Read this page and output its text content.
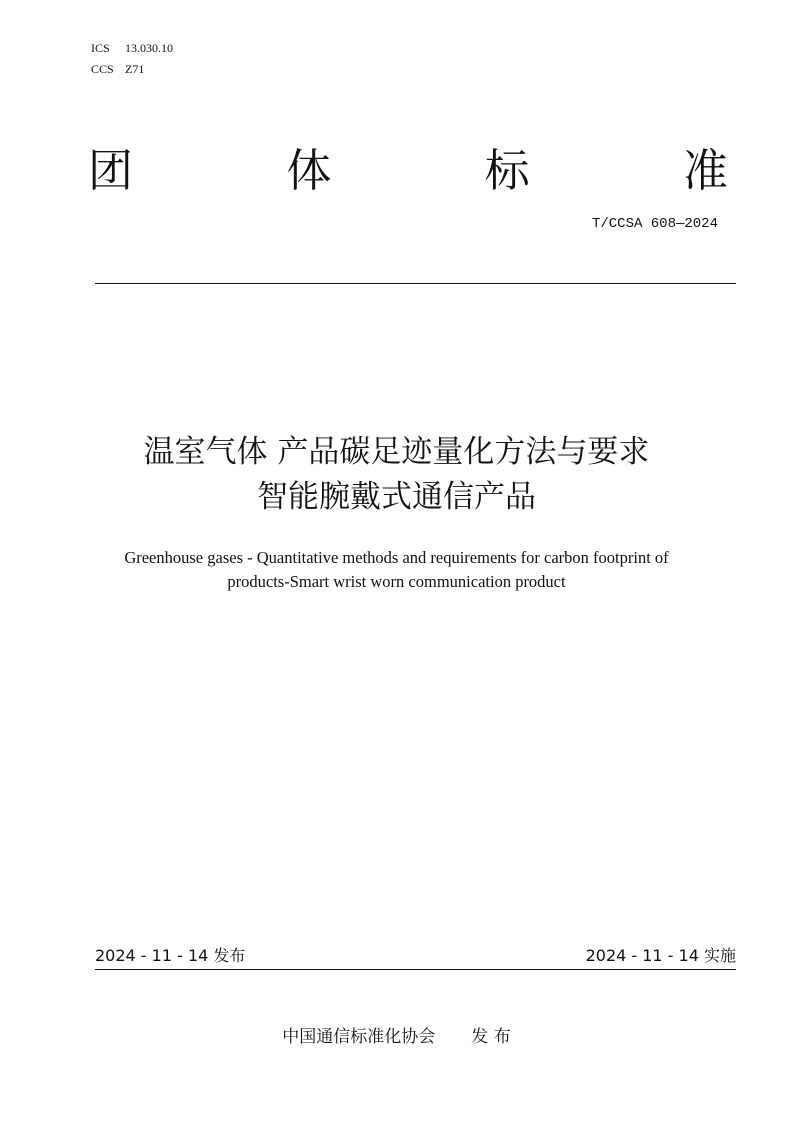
ICS 13.030.10
CCS Z71
团	体	标	准
T/CCSA 608—2024
温室气体 产品碳足迹量化方法与要求
智能腕戴式通信产品
Greenhouse gases - Quantitative methods and requirements for carbon footprint of
products-Smart wrist worn communication product
2024 - 11 - 14 发布	2024 - 11 - 14 实施
中国通信标准化协会 发 布
